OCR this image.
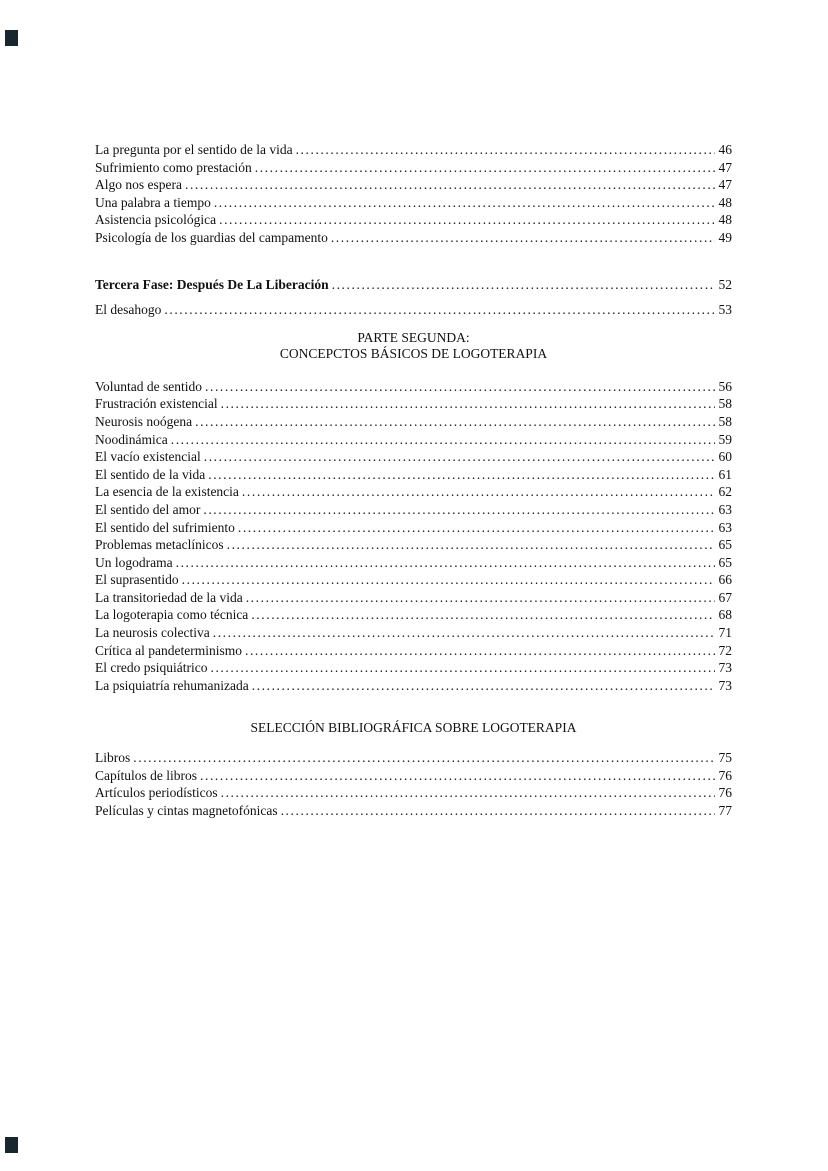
La pregunta por el sentido de la vida .....	46
Sufrimiento como prestación .....	47
Algo nos espera .....	47
Una palabra a tiempo .....	48
Asistencia psicológica .....	48
Psicología de los guardias del campamento .....	49
Tercera Fase: Después De La Liberación .....	52
El desahogo .....	53
PARTE SEGUNDA:
CONCEPCTOS BÁSICOS DE LOGOTERAPIA
Voluntad de sentido .....	56
Frustración existencial .....	58
Neurosis noógena .....	58
Noodinámica .....	59
El vacío existencial .....	60
El sentido de la vida .....	61
La esencia de la existencia .....	62
El sentido del amor .....	63
El sentido del sufrimiento .....	63
Problemas metaclínicos .....	65
Un logodrama .....	65
El suprasentido .....	66
La transitoriedad de la vida .....	67
La logoterapia como técnica .....	68
La neurosis colectiva .....	71
Crítica al pandeterminismo .....	72
El credo psiquiátrico .....	73
La psiquiatría rehumanizada .....	73
SELECCIÓN BIBLIOGRÁFICA SOBRE LOGOTERAPIA
Libros .....	75
Capítulos de libros .....	76
Artículos periodísticos .....	76
Películas y cintas magnetofónicas .....	77
